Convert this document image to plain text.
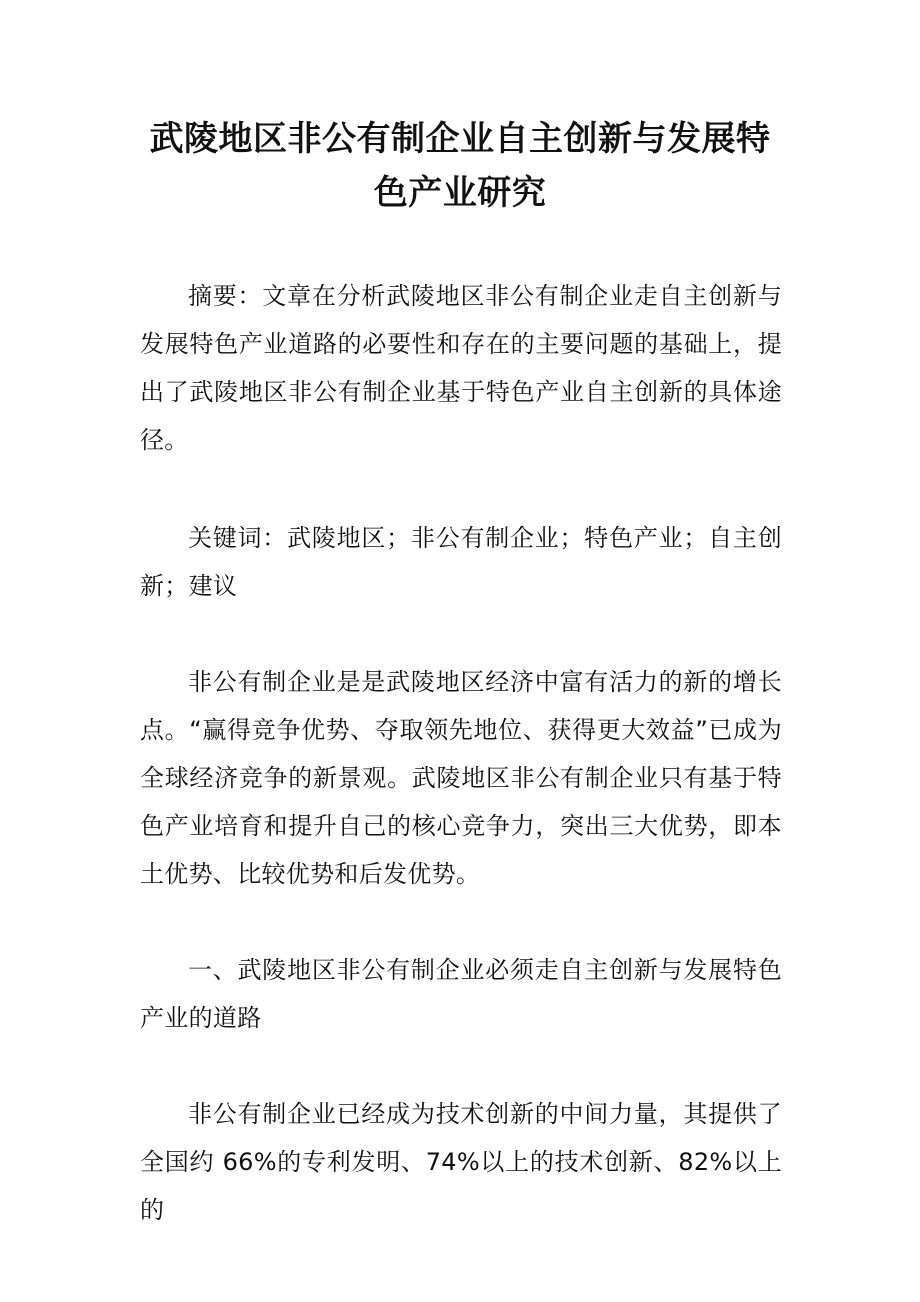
武陵地区非公有制企业自主创新与发展特色产业研究

摘要：文章在分析武陵地区非公有制企业走自主创新与发展特色产业道路的必要性和存在的主要问题的基础上，提出了武陵地区非公有制企业基于特色产业自主创新的具体途径。

关键词：武陵地区；非公有制企业；特色产业；自主创新；建议

非公有制企业是是武陵地区经济中富有活力的新的增长点。“赢得竞争优势、夺取领先地位、获得更大效益”已成为全球经济竞争的新景观。武陵地区非公有制企业只有基于特色产业培育和提升自己的核心竞争力，突出三大优势，即本土优势、比较优势和后发优势。

一、武陵地区非公有制企业必须走自主创新与发展特色产业的道路

非公有制企业已经成为技术创新的中间力量，其提供了全国约 66%的专利发明、74%以上的技术创新、82%以上的
